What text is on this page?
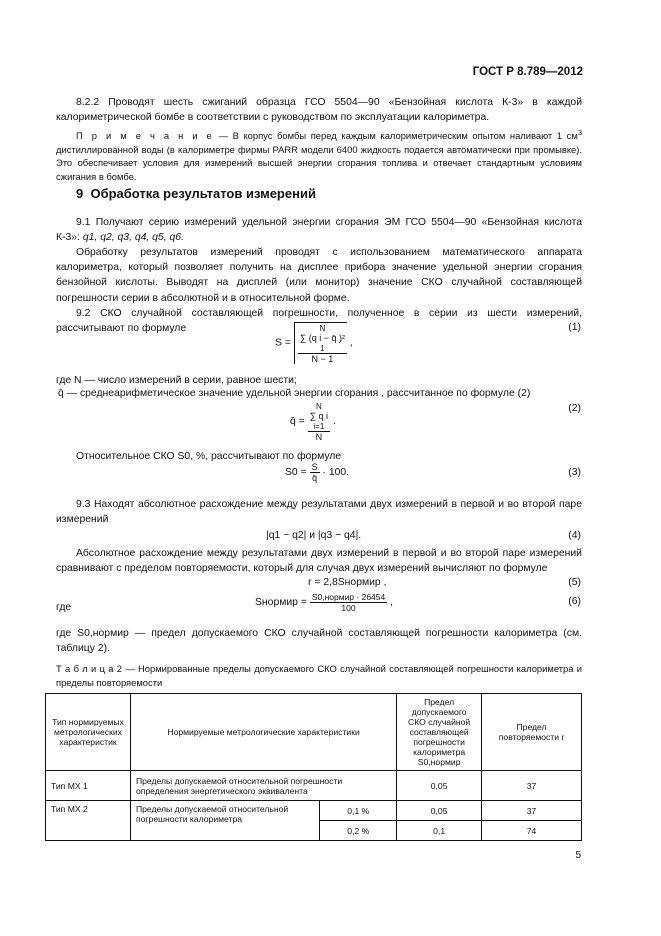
ГОСТ Р 8.789—2012
8.2.2 Проводят шесть сжиганий образца ГСО 5504—90 «Бензойная кислота К-3» в каждой калориметрической бомбе в соответствии с руководством по эксплуатации калориметра.
П р и м е ч а н и е — В корпус бомбы перед каждым калориметрическим опытом наливают 1 $см^3$ дистиллированной воды (в калориметре фирмы PARR модели 6400 жидкость подается автоматически при промывке). Это обеспечивает условия для измерений высшей энергии сгорания топлива и отвечает стандартным условиям сжигания в бомбе.
9 Обработка результатов измерений
9.1 Получают серию измерений удельной энергии сгорания ЭМ ГСО 5504—90 «Бензойная кислота К-3»: q1, q2, q3, q4, q5, q6.
Обработку результатов измерений проводят с использованием математического аппарата калориметра, который позволяет получить на дисплее прибора значение удельной энергии сгорания бензойной кислоты. Выводят на дисплей (или монитор) значение СКО случайной составляющей погрешности серии в абсолютной и в относительной форме.
9.2 СКО случайной составляющей погрешности, полученное в серии из шести измерений, рассчитывают по формуле
S =
N
∑ (q i − q̄ )²
1
N − 1
,
(1)
где N — число измерений в серии, равное шести;
q̄ — среднеарифметическое значение удельной энергии сгорания , рассчитанное по формуле (2)
q̄ =
N
∑ q i
i=1
N
.
(2)
Относительное СКО S0, %, рассчитывают по формуле
$S0 = \frac{S}{q̄} \cdot 100$.	(3)
9.3 Находят абсолютное расхождение между результатами двух измерений в первой и во второй паре измерений
|q1 − q2| и |q3 − q4|.	(4)
Абсолютное расхождение между результатами двух измерений в первой и во второй паре измерений сравнивают с пределом повторяемости, который для случая двух измерений вычисляют по формуле
r = 2,8Sнормир ,	(5)
где	Sнормир = $\frac{\text{S0,нормир · 26454}}{100}$ ,	(6)
где S0,нормир — предел допускаемого СКО случайной составляющей погрешности калориметра (см. таблицу 2).
Т а б л и ц а 2 — Нормированные пределы допускаемого СКО случайной составляющей погрешности калориметра и пределы повторяемости
Тип нормируемых метрологических характеристик	Нормируемые метрологические характеристики		Предел допускаемого СКО случайной составляющей погрешности калориметра S0,нормир	Предел повторяемости r
Тип МХ 1	Пределы допускаемой относительной погрешности определения энергетического эквивалента		0,05	37
Тип МХ 2	Пределы допускаемой относительной погрешности калориметра	0,1 %	0,05	37
		0,2 %	0,1	74
5
